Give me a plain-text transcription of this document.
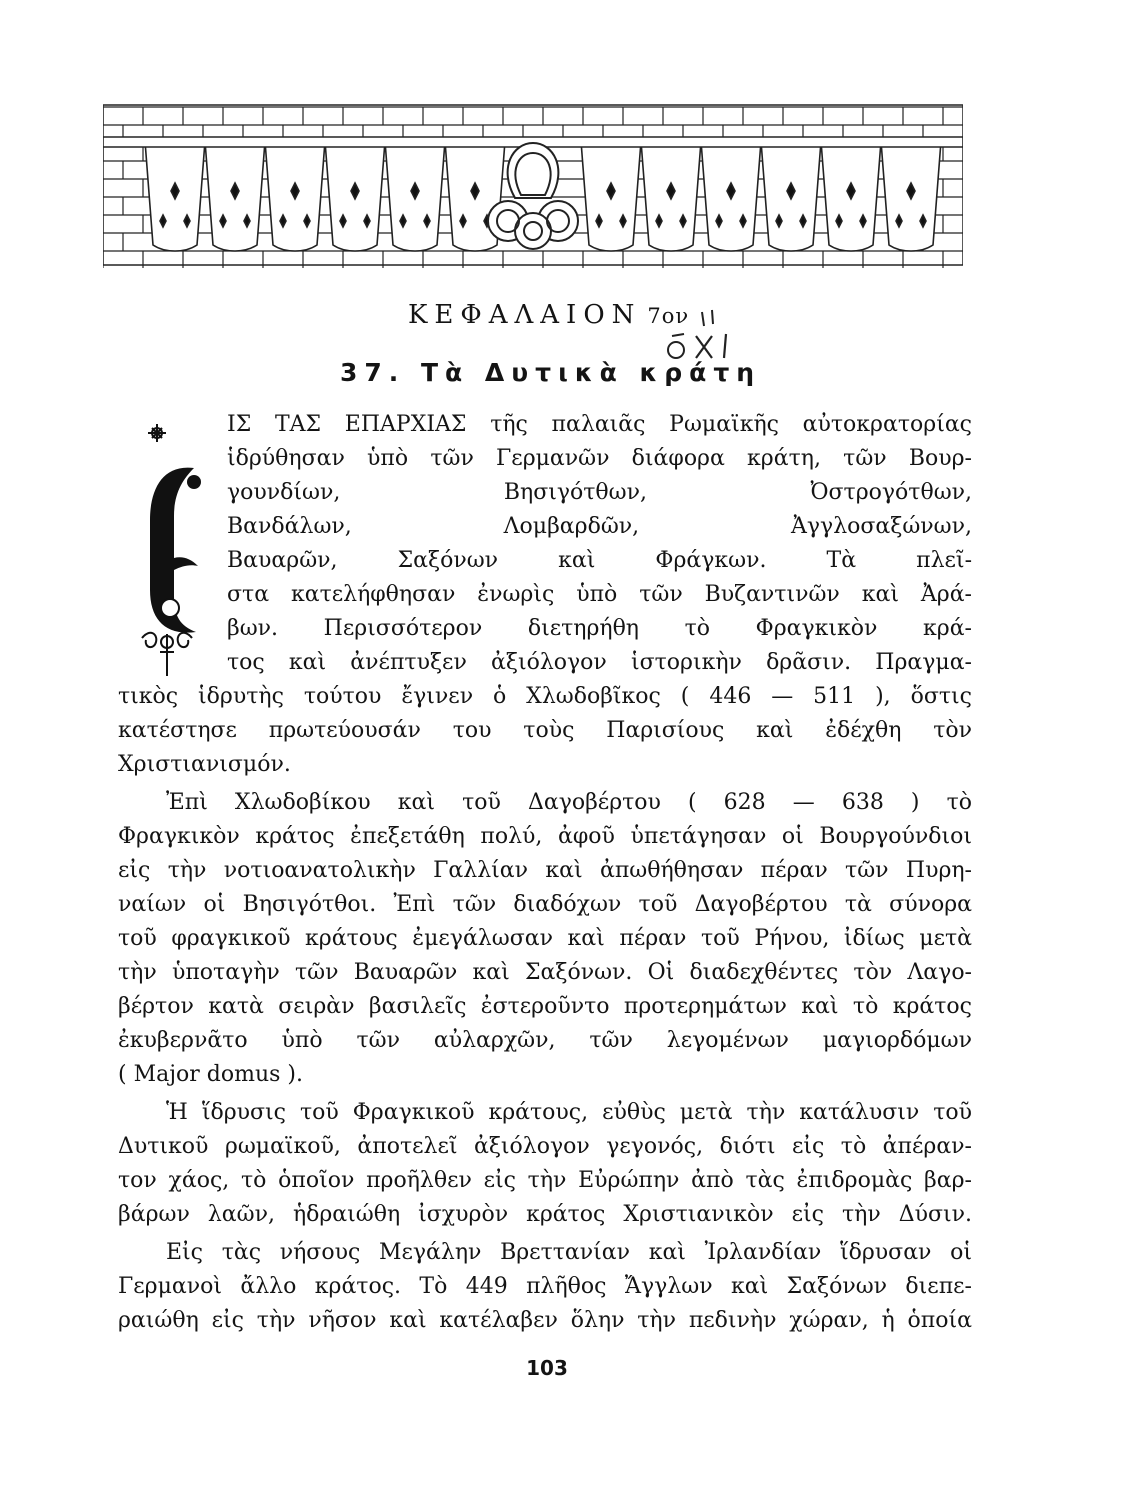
ΚΕΦΑΛΑΙΟΝ 7ον
37. Τὰ Δυτικὰ κράτη
ΙΣ ΤΑΣ ΕΠΑΡΧΙΑΣ τῆς παλαιᾶς Ρωμαϊκῆς αὐτοκρατορίας
ἱδρύθησαν ὑπὸ τῶν Γερμανῶν διάφορα κράτη, τῶν Βουρ-
γουνδίων, Βησιγότθων, Ὀστρογότθων,
Βανδάλων, Λομβαρδῶν, Ἀγγλοσαξώνων,
Βαυαρῶν, Σαξόνων καὶ Φράγκων. Τὰ πλεῖ-
στα κατελήφθησαν ἐνωρὶς ὑπὸ τῶν Βυζαντινῶν καὶ Ἀρά-
βων. Περισσότερον διετηρήθη τὸ Φραγκικὸν κρά-
τος καὶ ἀνέπτυξεν ἀξιόλογον ἱστορικὴν δρᾶσιν. Πραγμα-
τικὸς ἱδρυτὴς τούτου ἔγινεν ὁ Χλωδοβῖκος ( 446 — 511 ), ὅστις
κατέστησε πρωτεύουσάν του τοὺς Παρισίους καὶ ἐδέχθη τὸν
Χριστιανισμόν.
Ἐπὶ Χλωδοβίκου καὶ τοῦ Δαγοβέρτου ( 628 — 638 ) τὸ
Φραγκικὸν κράτος ἐπεξετάθη πολύ, ἀφοῦ ὑπετάγησαν οἱ Βουργούνδιοι
εἰς τὴν νοτιοανατολικὴν Γαλλίαν καὶ ἀπωθήθησαν πέραν τῶν Πυρη-
ναίων οἱ Βησιγότθοι. Ἐπὶ τῶν διαδόχων τοῦ Δαγοβέρτου τὰ σύνορα
τοῦ φραγκικοῦ κράτους ἐμεγάλωσαν καὶ πέραν τοῦ Ρήνου, ἰδίως μετὰ
τὴν ὑποταγὴν τῶν Βαυαρῶν καὶ Σαξόνων. Οἱ διαδεχθέντες τὸν Λαγο-
βέρτον κατὰ σειρὰν βασιλεῖς ἐστεροῦντο προτερημάτων καὶ τὸ κράτος
ἐκυβερνᾶτο ὑπὸ τῶν αὐλαρχῶν, τῶν λεγομένων μαγιορδόμων
( Major domus ).
Ἡ ἵδρυσις τοῦ Φραγκικοῦ κράτους, εὐθὺς μετὰ τὴν κατάλυσιν τοῦ
Δυτικοῦ ρωμαϊκοῦ, ἀποτελεῖ ἀξιόλογον γεγονός, διότι εἰς τὸ ἀπέραν-
τον χάος, τὸ ὁποῖον προῆλθεν εἰς τὴν Εὐρώπην ἀπὸ τὰς ἐπιδρομὰς βαρ-
βάρων λαῶν, ἡδραιώθη ἰσχυρὸν κράτος Χριστιανικὸν εἰς τὴν Δύσιν.
Εἰς τὰς νήσους Μεγάλην Βρεττανίαν καὶ Ἰρλανδίαν ἵδρυσαν οἱ
Γερμανοὶ ἄλλο κράτος. Τὸ 449 πλῆθος Ἄγγλων καὶ Σαξόνων διεπε-
ραιώθη εἰς τὴν νῆσον καὶ κατέλαβεν ὅλην τὴν πεδινὴν χώραν, ἡ ὁποία
103
